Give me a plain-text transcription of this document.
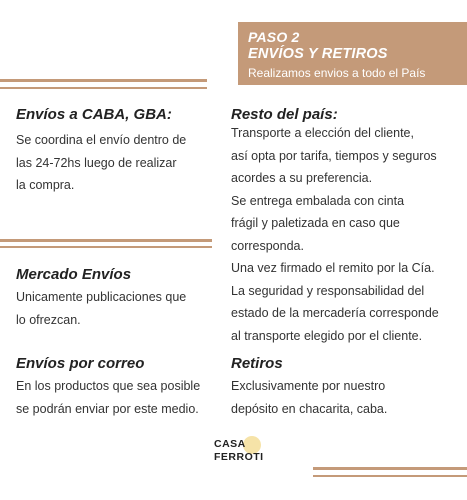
PASO 2
ENVÍOS Y RETIROS
Realizamos envios a todo el País
Envíos a CABA, GBA:
Se coordina el envío dentro de
las 24-72hs luego de realizar
la compra.
Resto del país:
Transporte a elección del cliente,
así opta por tarifa, tiempos y seguros
acordes a su preferencia.
Se entrega embalada con cinta
frágil y paletizada en caso que
corresponda.
Una vez firmado el remito por la Cía.
La seguridad y responsabilidad del
estado de la mercadería corresponde
al transporte elegido por el cliente.
Mercado Envíos
Unicamente publicaciones que
lo ofrezcan.
Envíos por correo
En los productos que sea posible
se podrán enviar por este medio.
Retiros
Exclusivamente por nuestro
depósito en chacarita, caba.
CASA
FERROTI
